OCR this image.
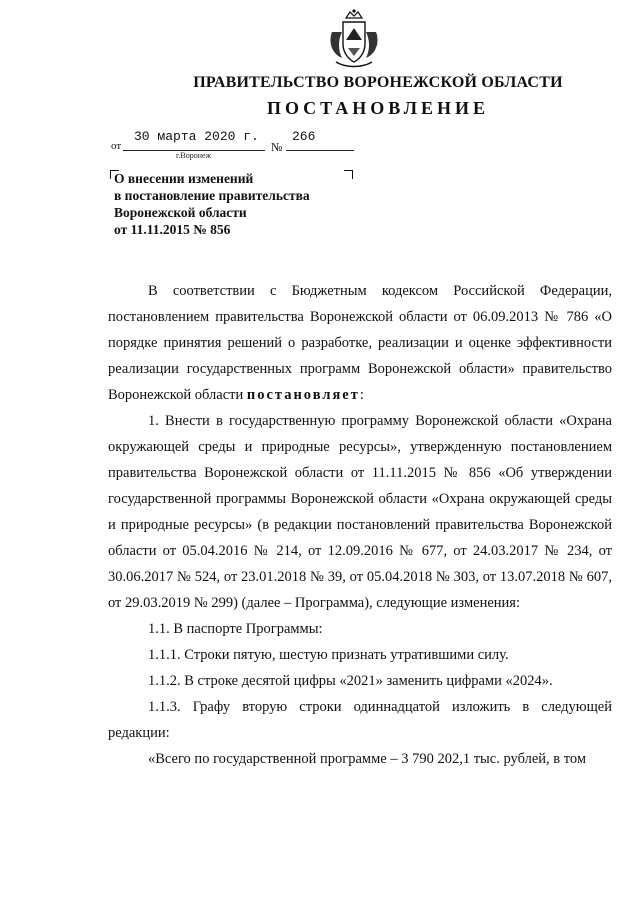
ПРАВИТЕЛЬСТВО ВОРОНЕЖСКОЙ ОБЛАСТИ
ПОСТАНОВЛЕНИЕ
от
30 марта 2020 г.
№
266
г.Воронеж
О внесении изменений
в постановление правительства
Воронежской области
от 11.11.2015 № 856

В соответствии с Бюджетным кодексом Российской Федерации, постановлением правительства Воронежской области от 06.09.2013 № 786 «О порядке принятия решений о разработке, реализации и оценке эффективности реализации государственных программ Воронежской области» правительство Воронежской области постановляет:

1. Внести в государственную программу Воронежской области «Охрана окружающей среды и природные ресурсы», утвержденную постановлением правительства Воронежской области от 11.11.2015 № 856 «Об утверждении государственной программы Воронежской области «Охрана окружающей среды и природные ресурсы» (в редакции постановлений правительства Воронежской области от 05.04.2016 № 214, от 12.09.2016 № 677, от 24.03.2017 № 234, от 30.06.2017 № 524, от 23.01.2018 № 39, от 05.04.2018 № 303, от 13.07.2018 № 607, от 29.03.2019 № 299) (далее – Программа), следующие изменения:

1.1. В паспорте Программы:

1.1.1. Строки пятую, шестую признать утратившими силу.

1.1.2. В строке десятой цифры «2021» заменить цифрами «2024».

1.1.3. Графу вторую строки одиннадцатой изложить в следующей редакции:

«Всего по государственной программе – 3 790 202,1 тыс. рублей, в том
